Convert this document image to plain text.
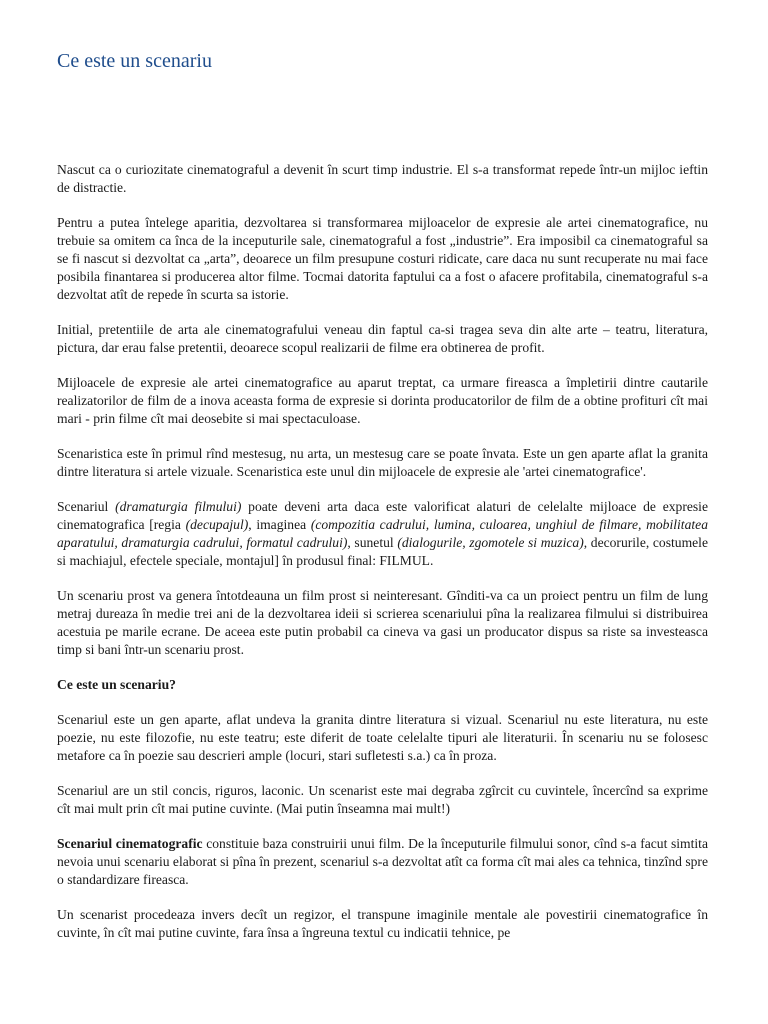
Ce este un scenariu

Nascut ca o curiozitate cinematograful a devenit în scurt timp industrie. El s-a transformat repede într-un mijloc ieftin de distractie.

Pentru a putea întelege aparitia, dezvoltarea si transformarea mijloacelor de expresie ale artei cinematografice, nu trebuie sa omitem ca înca de la inceputurile sale, cinematograful a fost „industrie”. Era imposibil ca cinematograful sa se fi nascut si dezvoltat ca „arta”, deoarece un film presupune costuri ridicate, care daca nu sunt recuperate nu mai face posibila finantarea si producerea altor filme. Tocmai datorita faptului ca a fost o afacere profitabila, cinematograful s-a dezvoltat atît de repede în scurta sa istorie.

Initial, pretentiile de arta ale cinematografului veneau din faptul ca-si tragea seva din alte arte – teatru, literatura, pictura, dar erau false pretentii, deoarece scopul realizarii de filme era obtinerea de profit.

Mijloacele de expresie ale artei cinematografice au aparut treptat, ca urmare fireasca a împletirii dintre cautarile realizatorilor de film de a inova aceasta forma de expresie si dorinta producatorilor de film de a obtine profituri cît mai mari - prin filme cît mai deosebite si mai spectaculoase.

Scenaristica este în primul rînd mestesug, nu arta, un mestesug care se poate învata. Este un gen aparte aflat la granita dintre literatura si artele vizuale. Scenaristica este unul din mijloacele de expresie ale 'artei cinematografice'.

Scenariul (dramaturgia filmului) poate deveni arta daca este valorificat alaturi de celelalte mijloace de expresie cinematografica [regia (decupajul), imaginea (compozitia cadrului, lumina, culoarea, unghiul de filmare, mobilitatea aparatului, dramaturgia cadrului, formatul cadrului), sunetul (dialogurile, zgomotele si muzica), decorurile, costumele si machiajul, efectele speciale, montajul] în produsul final: FILMUL.

Un scenariu prost va genera întotdeauna un film prost si neinteresant. Gînditi-va ca un proiect pentru un film de lung metraj dureaza în medie trei ani de la dezvoltarea ideii si scrierea scenariului pîna la realizarea filmului si distribuirea acestuia pe marile ecrane. De aceea este putin probabil ca cineva va gasi un producator dispus sa riste sa investeasca timp si bani într-un scenariu prost.

Ce este un scenariu?

Scenariul este un gen aparte, aflat undeva la granita dintre literatura si vizual. Scenariul nu este literatura, nu este poezie, nu este filozofie, nu este teatru; este diferit de toate celelalte tipuri ale literaturii. În scenariu nu se folosesc metafore ca în poezie sau descrieri ample (locuri, stari sufletesti s.a.) ca în proza.

Scenariul are un stil concis, riguros, laconic. Un scenarist este mai degraba zgîrcit cu cuvintele, încercînd sa exprime cît mai mult prin cît mai putine cuvinte. (Mai putin înseamna mai mult!)

Scenariul cinematografic constituie baza construirii unui film. De la începuturile filmului sonor, cînd s-a facut simtita nevoia unui scenariu elaborat si pîna în prezent, scenariul s-a dezvoltat atît ca forma cît mai ales ca tehnica, tinzînd spre o standardizare fireasca.

Un scenarist procedeaza invers decît un regizor, el transpune imaginile mentale ale povestirii cinematografice în cuvinte, în cît mai putine cuvinte, fara însa a îngreuna textul cu indicatii tehnice, pe
